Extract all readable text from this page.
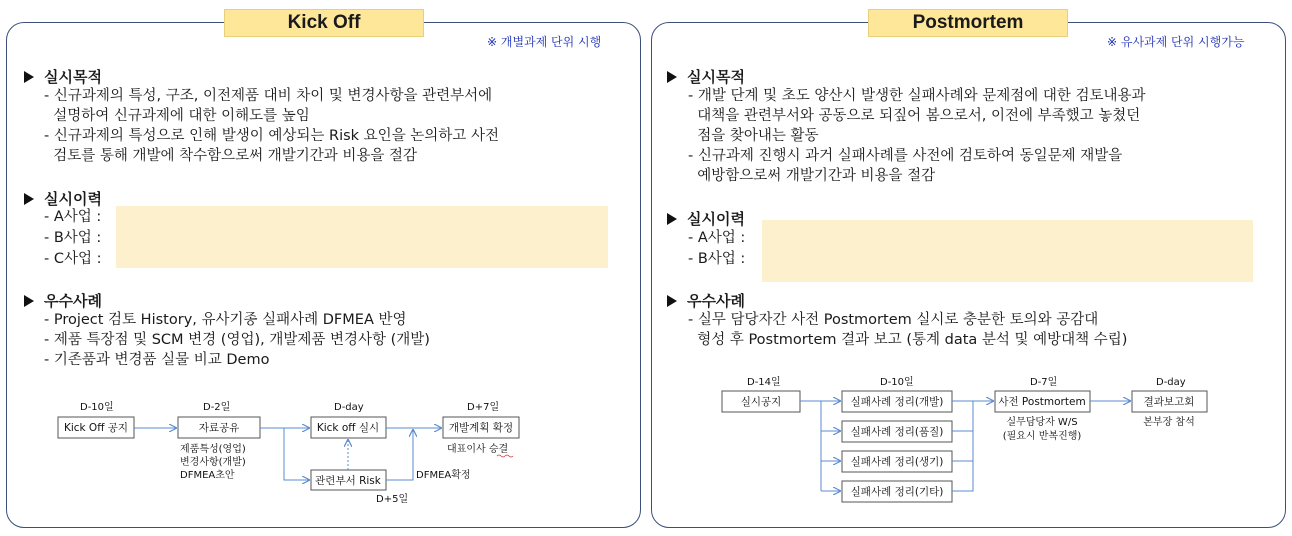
Kick Off
※ 개별과제 단위 시행
실시목적
- 신규과제의 특성, 구조, 이전제품 대비 차이 및 변경사항을 관련부서에
설명하여 신규과제에 대한 이해도를 높임
- 신규과제의 특성으로 인해 발생이 예상되는 Risk 요인을 논의하고 사전
검토를 통해 개발에 착수함으로써 개발기간과 비용을 절감
실시이력
- A사업 :
- B사업 :
- C사업 :
우수사례
- Project 검토 History, 유사기종 실패사례 DFMEA 반영
- 제품 특장점 및 SCM 변경 (영업), 개발제품 변경사항 (개발)
- 기존품과 변경품 실물 비교 Demo
Postmortem
※ 유사과제 단위 시행가능
실시목적
- 개발 단계 및 초도 양산시 발생한 실패사례와 문제점에 대한 검토내용과
대책을 관련부서와 공동으로 되짚어 봄으로서, 이전에 부족했고 놓쳤던
점을 찾아내는 활동
- 신규과제 진행시 과거 실패사례를 사전에 검토하여 동일문제 재발을
예방함으로써 개발기간과 비용을 절감
실시이력
- A사업 :
- B사업 :
우수사례
- 실무 담당자간 사전 Postmortem 실시로 충분한 토의와 공감대
형성 후 Postmortem 결과 보고 (통계 data 분석 및 예방대책 수립)
D-10일	D-2일	D-day	D+7일
Kick Off 공지	자료공유	Kick off 실시	개발계획 확정
관련부서 Risk
제품특성(영업)
변경사항(개발)
DFMEA초안
대표이사 승결
DFMEA확정
D+5일
D-14일	D-10일	D-7일	D-day
실시공지	실패사례 정리(개발)
실패사례 정리(품질)
실패사례 정리(생기)
실패사례 정리(기타)
사전 Postmortem	결과보고회
실무담당자 W/S
(필요시 반복진행)
본부장 참석
